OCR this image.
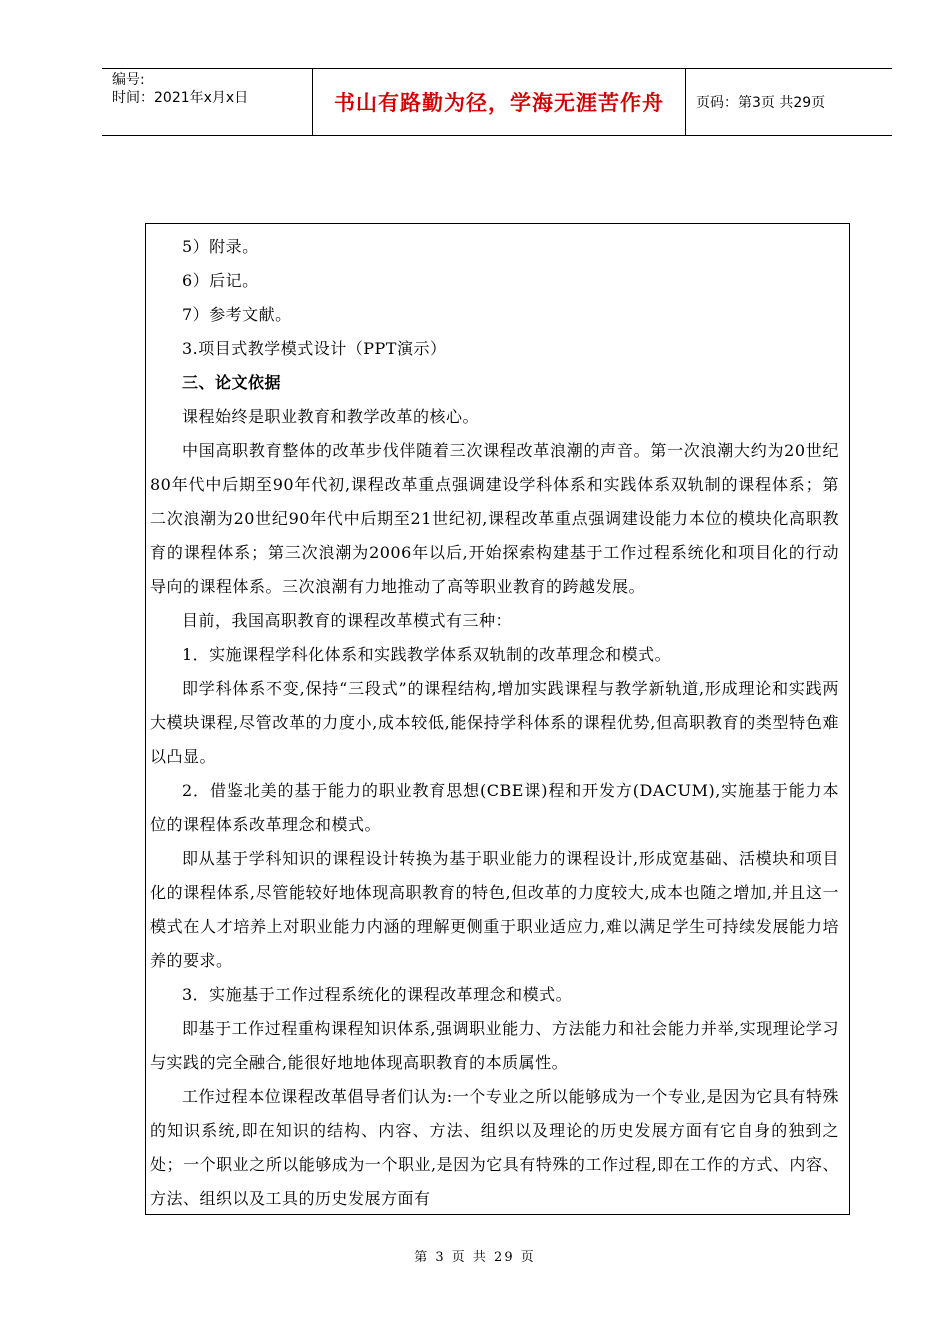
编号:
时间：2021年x月x日	书山有路勤为径，学海无涯苦作舟	页码：第3页 共29页

5）附录。

6）后记。

7）参考文献。

3.项目式教学模式设计（PPT演示）

三、论文依据

课程始终是职业教育和教学改革的核心。

中国高职教育整体的改革步伐伴随着三次课程改革浪潮的声音。第一次浪潮大约为20世纪80年代中后期至90年代初,课程改革重点强调建设学科体系和实践体系双轨制的课程体系；第二次浪潮为20世纪90年代中后期至21世纪初,课程改革重点强调建设能力本位的模块化高职教育的课程体系；第三次浪潮为2006年以后,开始探索构建基于工作过程系统化和项目化的行动导向的课程体系。三次浪潮有力地推动了高等职业教育的跨越发展。

目前，我国高职教育的课程改革模式有三种：

1．实施课程学科化体系和实践教学体系双轨制的改革理念和模式。

即学科体系不变,保持“三段式”的课程结构,增加实践课程与教学新轨道,形成理论和实践两大模块课程,尽管改革的力度小,成本较低,能保持学科体系的课程优势,但高职教育的类型特色难以凸显。

2．借鉴北美的基于能力的职业教育思想(CBE课)程和开发方(DACUM),实施基于能力本位的课程体系改革理念和模式。

即从基于学科知识的课程设计转换为基于职业能力的课程设计,形成宽基础、活模块和项目化的课程体系,尽管能较好地体现高职教育的特色,但改革的力度较大,成本也随之增加,并且这一模式在人才培养上对职业能力内涵的理解更侧重于职业适应力,难以满足学生可持续发展能力培养的要求。

3．实施基于工作过程系统化的课程改革理念和模式。

即基于工作过程重构课程知识体系,强调职业能力、方法能力和社会能力并举,实现理论学习与实践的完全融合,能很好地地体现高职教育的本质属性。

工作过程本位课程改革倡导者们认为:一个专业之所以能够成为一个专业,是因为它具有特殊的知识系统,即在知识的结构、内容、方法、组织以及理论的历史发展方面有它自身的独到之处；一个职业之所以能够成为一个职业,是因为它具有特殊的工作过程,即在工作的方式、内容、方法、组织以及工具的历史发展方面有

第 3 页 共 29 页
